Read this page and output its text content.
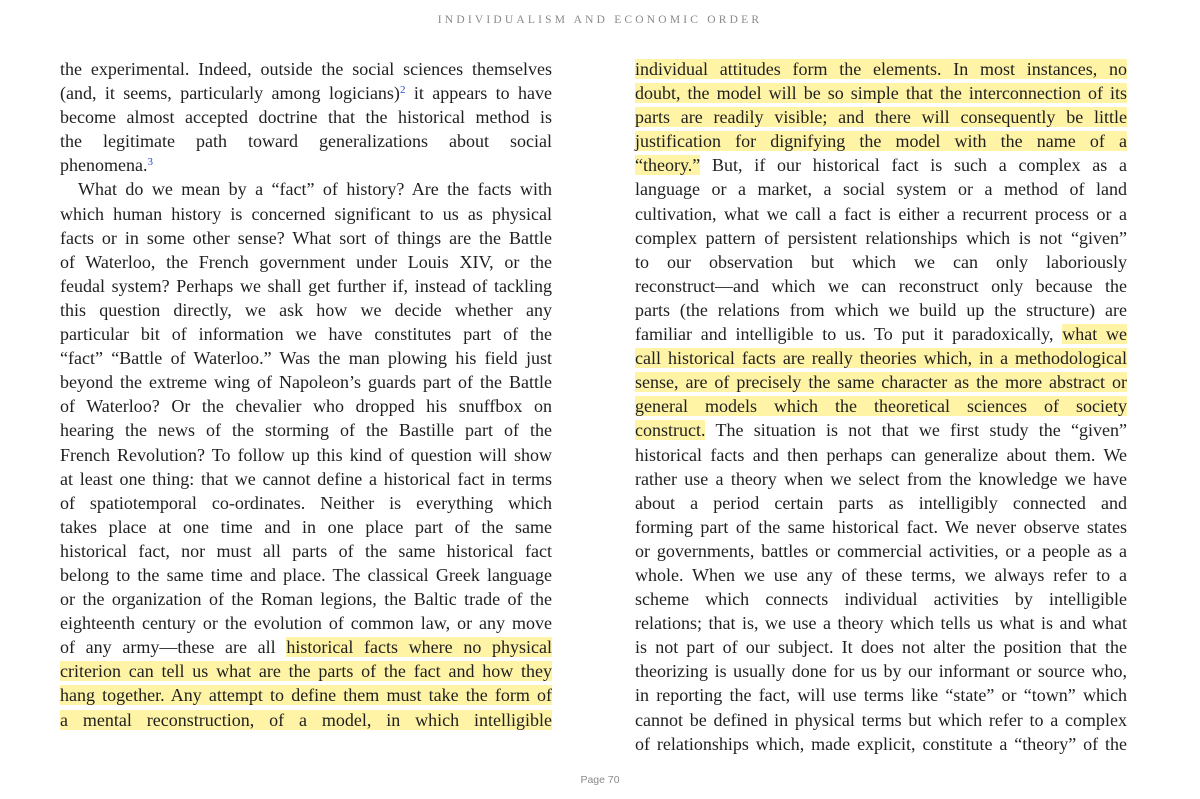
INDIVIDUALISM AND ECONOMIC ORDER
the experimental. Indeed, outside the social sciences themselves
(and, it seems, particularly among logicians)$^2$ it appears to have
become almost accepted doctrine that the historical method is
the legitimate path toward generalizations about social
phenomena.$^3$
What do we mean by a “fact” of history? Are the facts with
which human history is concerned significant to us as physical
facts or in some other sense? What sort of things are the Battle
of Waterloo, the French government under Louis XIV, or the
feudal system? Perhaps we shall get further if, instead of tackling
this question directly, we ask how we decide whether any
particular bit of information we have constitutes part of the
“fact” “Battle of Waterloo.” Was the man plowing his field just
beyond the extreme wing of Napoleon’s guards part of the Battle
of Waterloo? Or the chevalier who dropped his snuffbox on
hearing the news of the storming of the Bastille part of the
French Revolution? To follow up this kind of question will show
at least one thing: that we cannot define a historical fact in terms
of spatiotemporal co-ordinates. Neither is everything which
takes place at one time and in one place part of the same
historical fact, nor must all parts of the same historical fact
belong to the same time and place. The classical Greek language
or the organization of the Roman legions, the Baltic trade of the
eighteenth century or the evolution of common law, or any move
of any army—these are all historical facts where no physical
criterion can tell us what are the parts of the fact and how they
hang together. Any attempt to define them must take the form of
a mental reconstruction, of a model, in which intelligible
individual attitudes form the elements. In most instances, no
doubt, the model will be so simple that the interconnection of its
parts are readily visible; and there will consequently be little
justification for dignifying the model with the name of a
“theory.” But, if our historical fact is such a complex as a
language or a market, a social system or a method of land
cultivation, what we call a fact is either a recurrent process or a
complex pattern of persistent relationships which is not “given”
to our observation but which we can only laboriously
reconstruct—and which we can reconstruct only because the
parts (the relations from which we build up the structure) are
familiar and intelligible to us. To put it paradoxically, what we
call historical facts are really theories which, in a methodological
sense, are of precisely the same character as the more abstract or
general models which the theoretical sciences of society
construct. The situation is not that we first study the “given”
historical facts and then perhaps can generalize about them. We
rather use a theory when we select from the knowledge we have
about a period certain parts as intelligibly connected and
forming part of the same historical fact. We never observe states
or governments, battles or commercial activities, or a people as a
whole. When we use any of these terms, we always refer to a
scheme which connects individual activities by intelligible
relations; that is, we use a theory which tells us what is and what
is not part of our subject. It does not alter the position that the
theorizing is usually done for us by our informant or source who,
in reporting the fact, will use terms like “state” or “town” which
cannot be defined in physical terms but which refer to a complex
of relationships which, made explicit, constitute a “theory” of the
Page 70
